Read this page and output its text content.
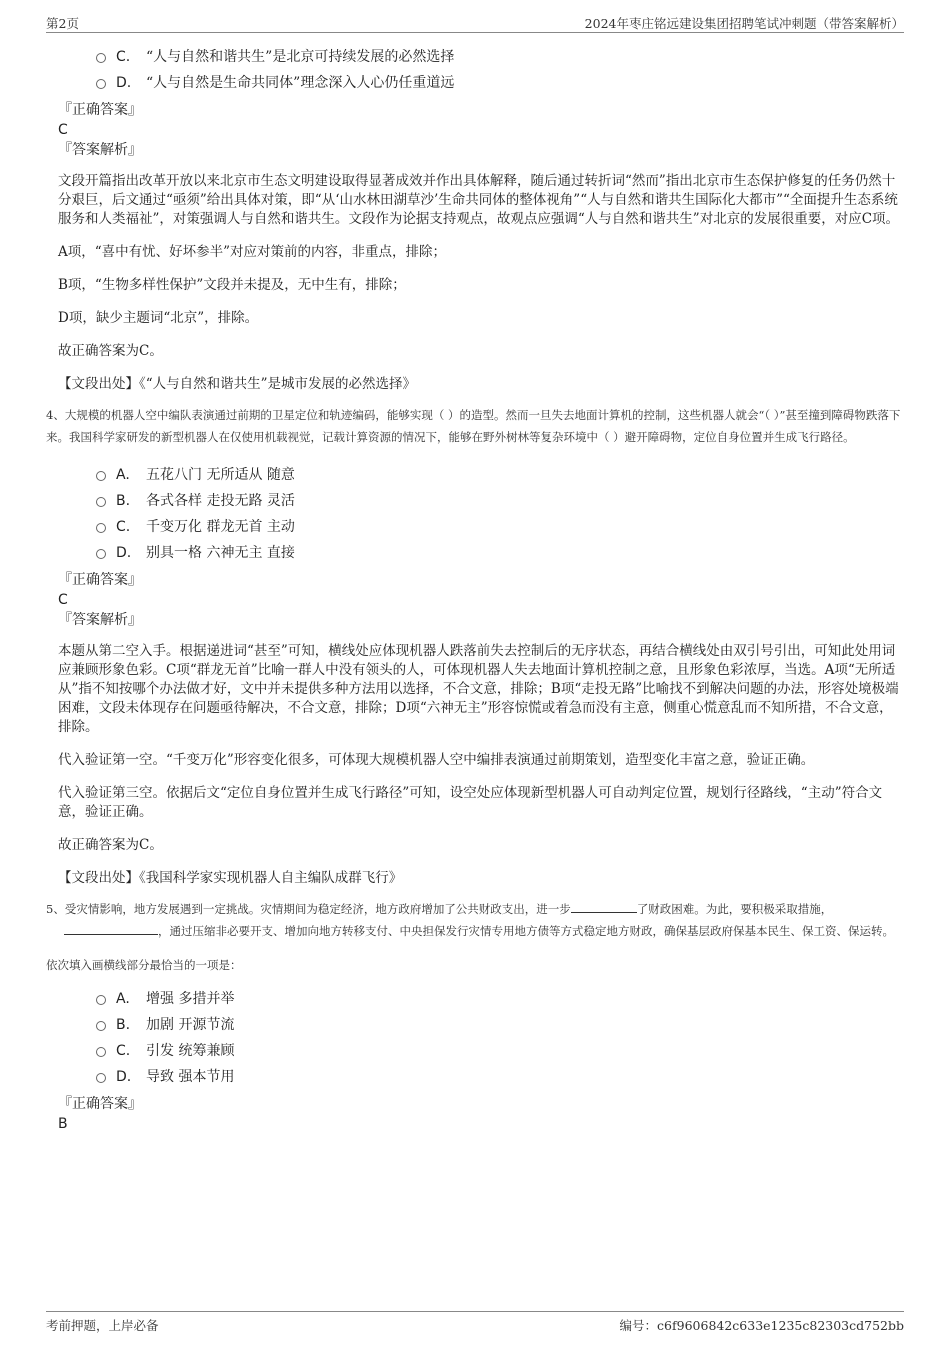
第2页	2024年枣庄铭远建设集团招聘笔试冲刺题（带答案解析）
C. “人与自然和谐共生”是北京可持续发展的必然选择
D. “人与自然是生命共同体”理念深入人心仍任重道远
『正确答案』
C
『答案解析』

文段开篇指出改革开放以来北京市生态文明建设取得显著成效并作出具体解释，随后通过转折词“然而”指出北京市生态保护修复的任务仍然十分艰巨，后文通过“亟须”给出具体对策，即“从‘山水林田湖草沙’生命共同体的整体视角”“人与自然和谐共生国际化大都市”“全面提升生态系统服务和人类福祉”，对策强调人与自然和谐共生。文段作为论据支持观点，故观点应强调“人与自然和谐共生”对北京的发展很重要，对应C项。

A项，“喜中有忧、好坏参半”对应对策前的内容，非重点，排除；

B项，“生物多样性保护”文段并未提及，无中生有，排除；

D项，缺少主题词“北京”，排除。

故正确答案为C。

【文段出处】《“人与自然和谐共生”是城市发展的必然选择》

4、大规模的机器人空中编队表演通过前期的卫星定位和轨迹编码，能够实现（ ）的造型。然而一旦失去地面计算机的控制，这些机器人就会“（ ）”甚至撞到障碍物跌落下来。我国科学家研发的新型机器人在仅使用机载视觉，记载计算资源的情况下，能够在野外树林等复杂环境中（ ）避开障碍物，定位自身位置并生成飞行路径。

A. 五花八门 无所适从 随意
B. 各式各样 走投无路 灵活
C. 千变万化 群龙无首 主动
D. 别具一格 六神无主 直接
『正确答案』
C
『答案解析』

本题从第二空入手。根据递进词“甚至”可知，横线处应体现机器人跌落前失去控制后的无序状态，再结合横线处由双引号引出，可知此处用词应兼顾形象色彩。C项“群龙无首”比喻一群人中没有领头的人，可体现机器人失去地面计算机控制之意，且形象色彩浓厚，当选。A项“无所适从”指不知按哪个办法做才好，文中并未提供多种方法用以选择，不合文意，排除；B项“走投无路”比喻找不到解决问题的办法，形容处境极端困难，文段未体现存在问题亟待解决，不合文意，排除；D项“六神无主”形容惊慌或着急而没有主意，侧重心慌意乱而不知所措，不合文意，排除。

代入验证第一空。“千变万化”形容变化很多，可体现大规模机器人空中编排表演通过前期策划，造型变化丰富之意，验证正确。

代入验证第三空。依据后文“定位自身位置并生成飞行路径”可知，设空处应体现新型机器人可自动判定位置，规划行径路线，“主动”符合文意，验证正确。

故正确答案为C。

【文段出处】《我国科学家实现机器人自主编队成群飞行》

5、受灾情影响，地方发展遇到一定挑战。灾情期间为稳定经济，地方政府增加了公共财政支出，进一步	了财政困难。为此，要积极采取措施，，通过压缩非必要开支、增加向地方转移支付、中央担保发行灾情专用地方债等方式稳定地方财政，确保基层政府保基本民生、保工资、保运转。

依次填入画横线部分最恰当的一项是：

A. 增强 多措并举
B. 加剧 开源节流
C. 引发 统筹兼顾
D. 导致 强本节用
『正确答案』
B
考前押题，上岸必备	编号：c6f9606842c633e1235c82303cd752bb
